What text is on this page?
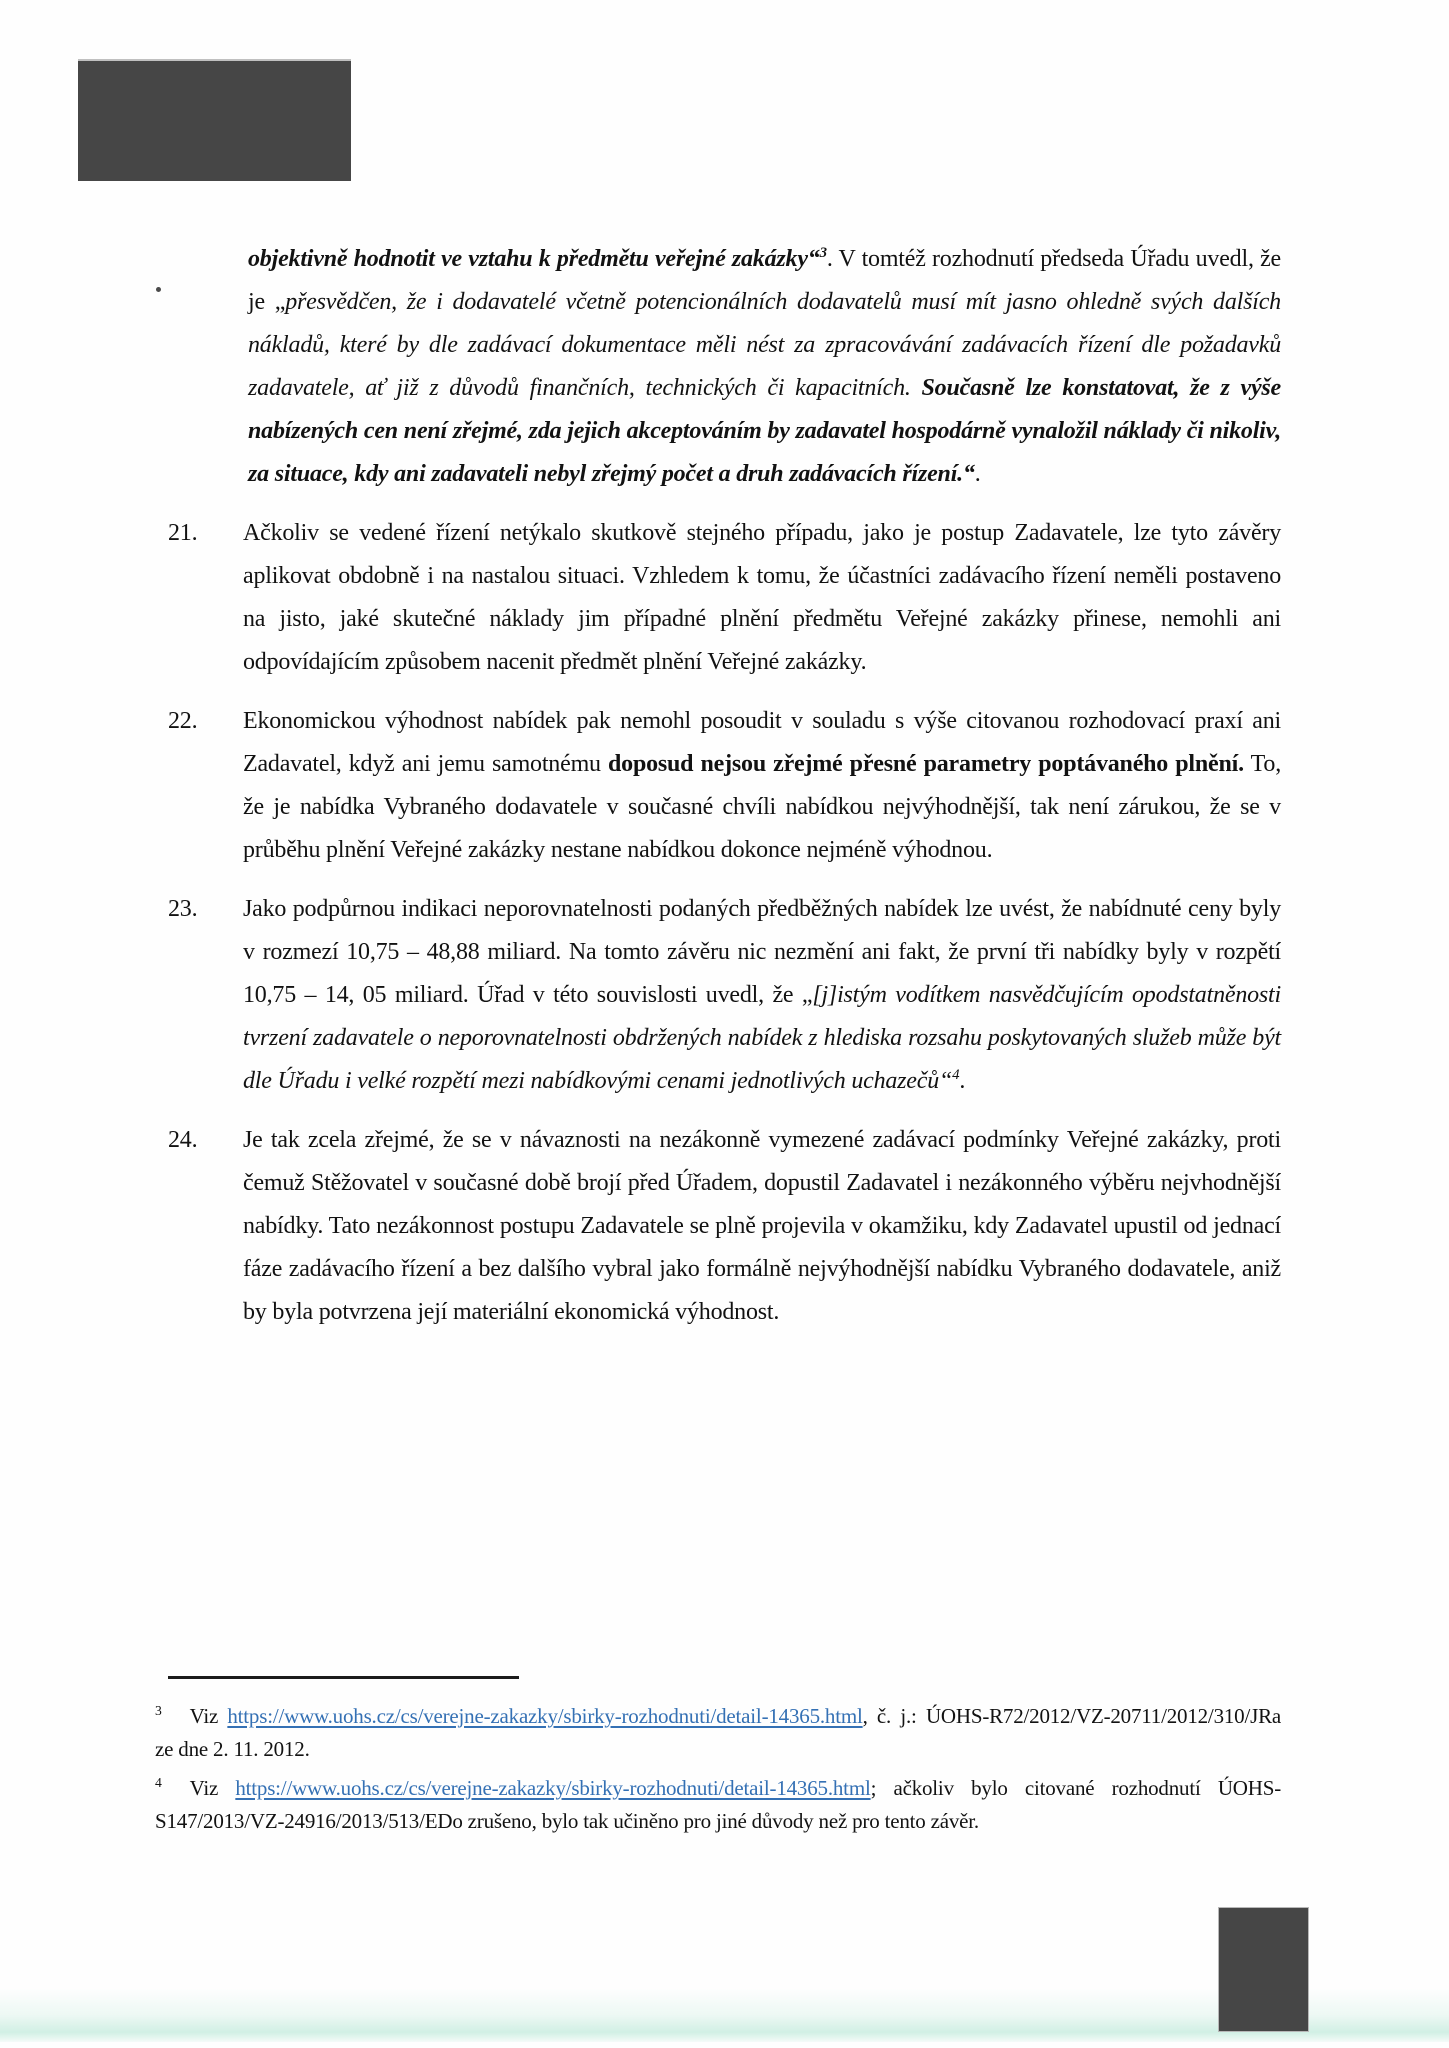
objektivně hodnotit ve vztahu k předmětu veřejné zakázky“$^3$. V tomtéž rozhodnutí předseda Úřadu uvedl, že je „přesvědčen, že i dodavatelé včetně potencionálních dodavatelů musí mít jasno ohledně svých dalších nákladů, které by dle zadávací dokumentace měli nést za zpracovávání zadávacích řízení dle požadavků zadavatele, ať již z důvodů finančních, technických či kapacitních. Současně lze konstatovat, že z výše nabízených cen není zřejmé, zda jejich akceptováním by zadavatel hospodárně vynaložil náklady či nikoliv, za situace, kdy ani zadavateli nebyl zřejmý počet a druh zadávacích řízení.“.
21. Ačkoliv se vedené řízení netýkalo skutkově stejného případu, jako je postup Zadavatele, lze tyto závěry aplikovat obdobně i na nastalou situaci. Vzhledem k tomu, že účastníci zadávacího řízení neměli postaveno na jisto, jaké skutečné náklady jim případné plnění předmětu Veřejné zakázky přinese, nemohli ani odpovídajícím způsobem nacenit předmět plnění Veřejné zakázky.
22. Ekonomickou výhodnost nabídek pak nemohl posoudit v souladu s výše citovanou rozhodovací praxí ani Zadavatel, když ani jemu samotnému doposud nejsou zřejmé přesné parametry poptávaného plnění. To, že je nabídka Vybraného dodavatele v současné chvíli nabídkou nejvýhodnější, tak není zárukou, že se v průběhu plnění Veřejné zakázky nestane nabídkou dokonce nejméně výhodnou.
23. Jako podpůrnou indikaci neporovnatelnosti podaných předběžných nabídek lze uvést, že nabídnuté ceny byly v rozmezí 10,75 – 48,88 miliard. Na tomto závěru nic nezmění ani fakt, že první tři nabídky byly v rozpětí 10,75 – 14, 05 miliard. Úřad v této souvislosti uvedl, že „[j]istým vodítkem nasvědčujícím opodstatněnosti tvrzení zadavatele o neporovnatelnosti obdržených nabídek z hlediska rozsahu poskytovaných služeb může být dle Úřadu i velké rozpětí mezi nabídkovými cenami jednotlivých uchazečů“$^4$.
24. Je tak zcela zřejmé, že se v návaznosti na nezákonně vymezené zadávací podmínky Veřejné zakázky, proti čemuž Stěžovatel v současné době brojí před Úřadem, dopustil Zadavatel i nezákonného výběru nejvhodnější nabídky. Tato nezákonnost postupu Zadavatele se plně projevila v okamžiku, kdy Zadavatel upustil od jednací fáze zadávacího řízení a bez dalšího vybral jako formálně nejvýhodnější nabídku Vybraného dodavatele, aniž by byla potvrzena její materiální ekonomická výhodnost.
$^3$ Viz https://www.uohs.cz/cs/verejne-zakazky/sbirky-rozhodnuti/detail-14365.html, č. j.: ÚOHS-R72/2012/VZ-20711/2012/310/JRa ze dne 2. 11. 2012.
$^4$ Viz https://www.uohs.cz/cs/verejne-zakazky/sbirky-rozhodnuti/detail-14365.html; ačkoliv bylo citované rozhodnutí ÚOHS-S147/2013/VZ-24916/2013/513/EDo zrušeno, bylo tak učiněno pro jiné důvody než pro tento závěr.
